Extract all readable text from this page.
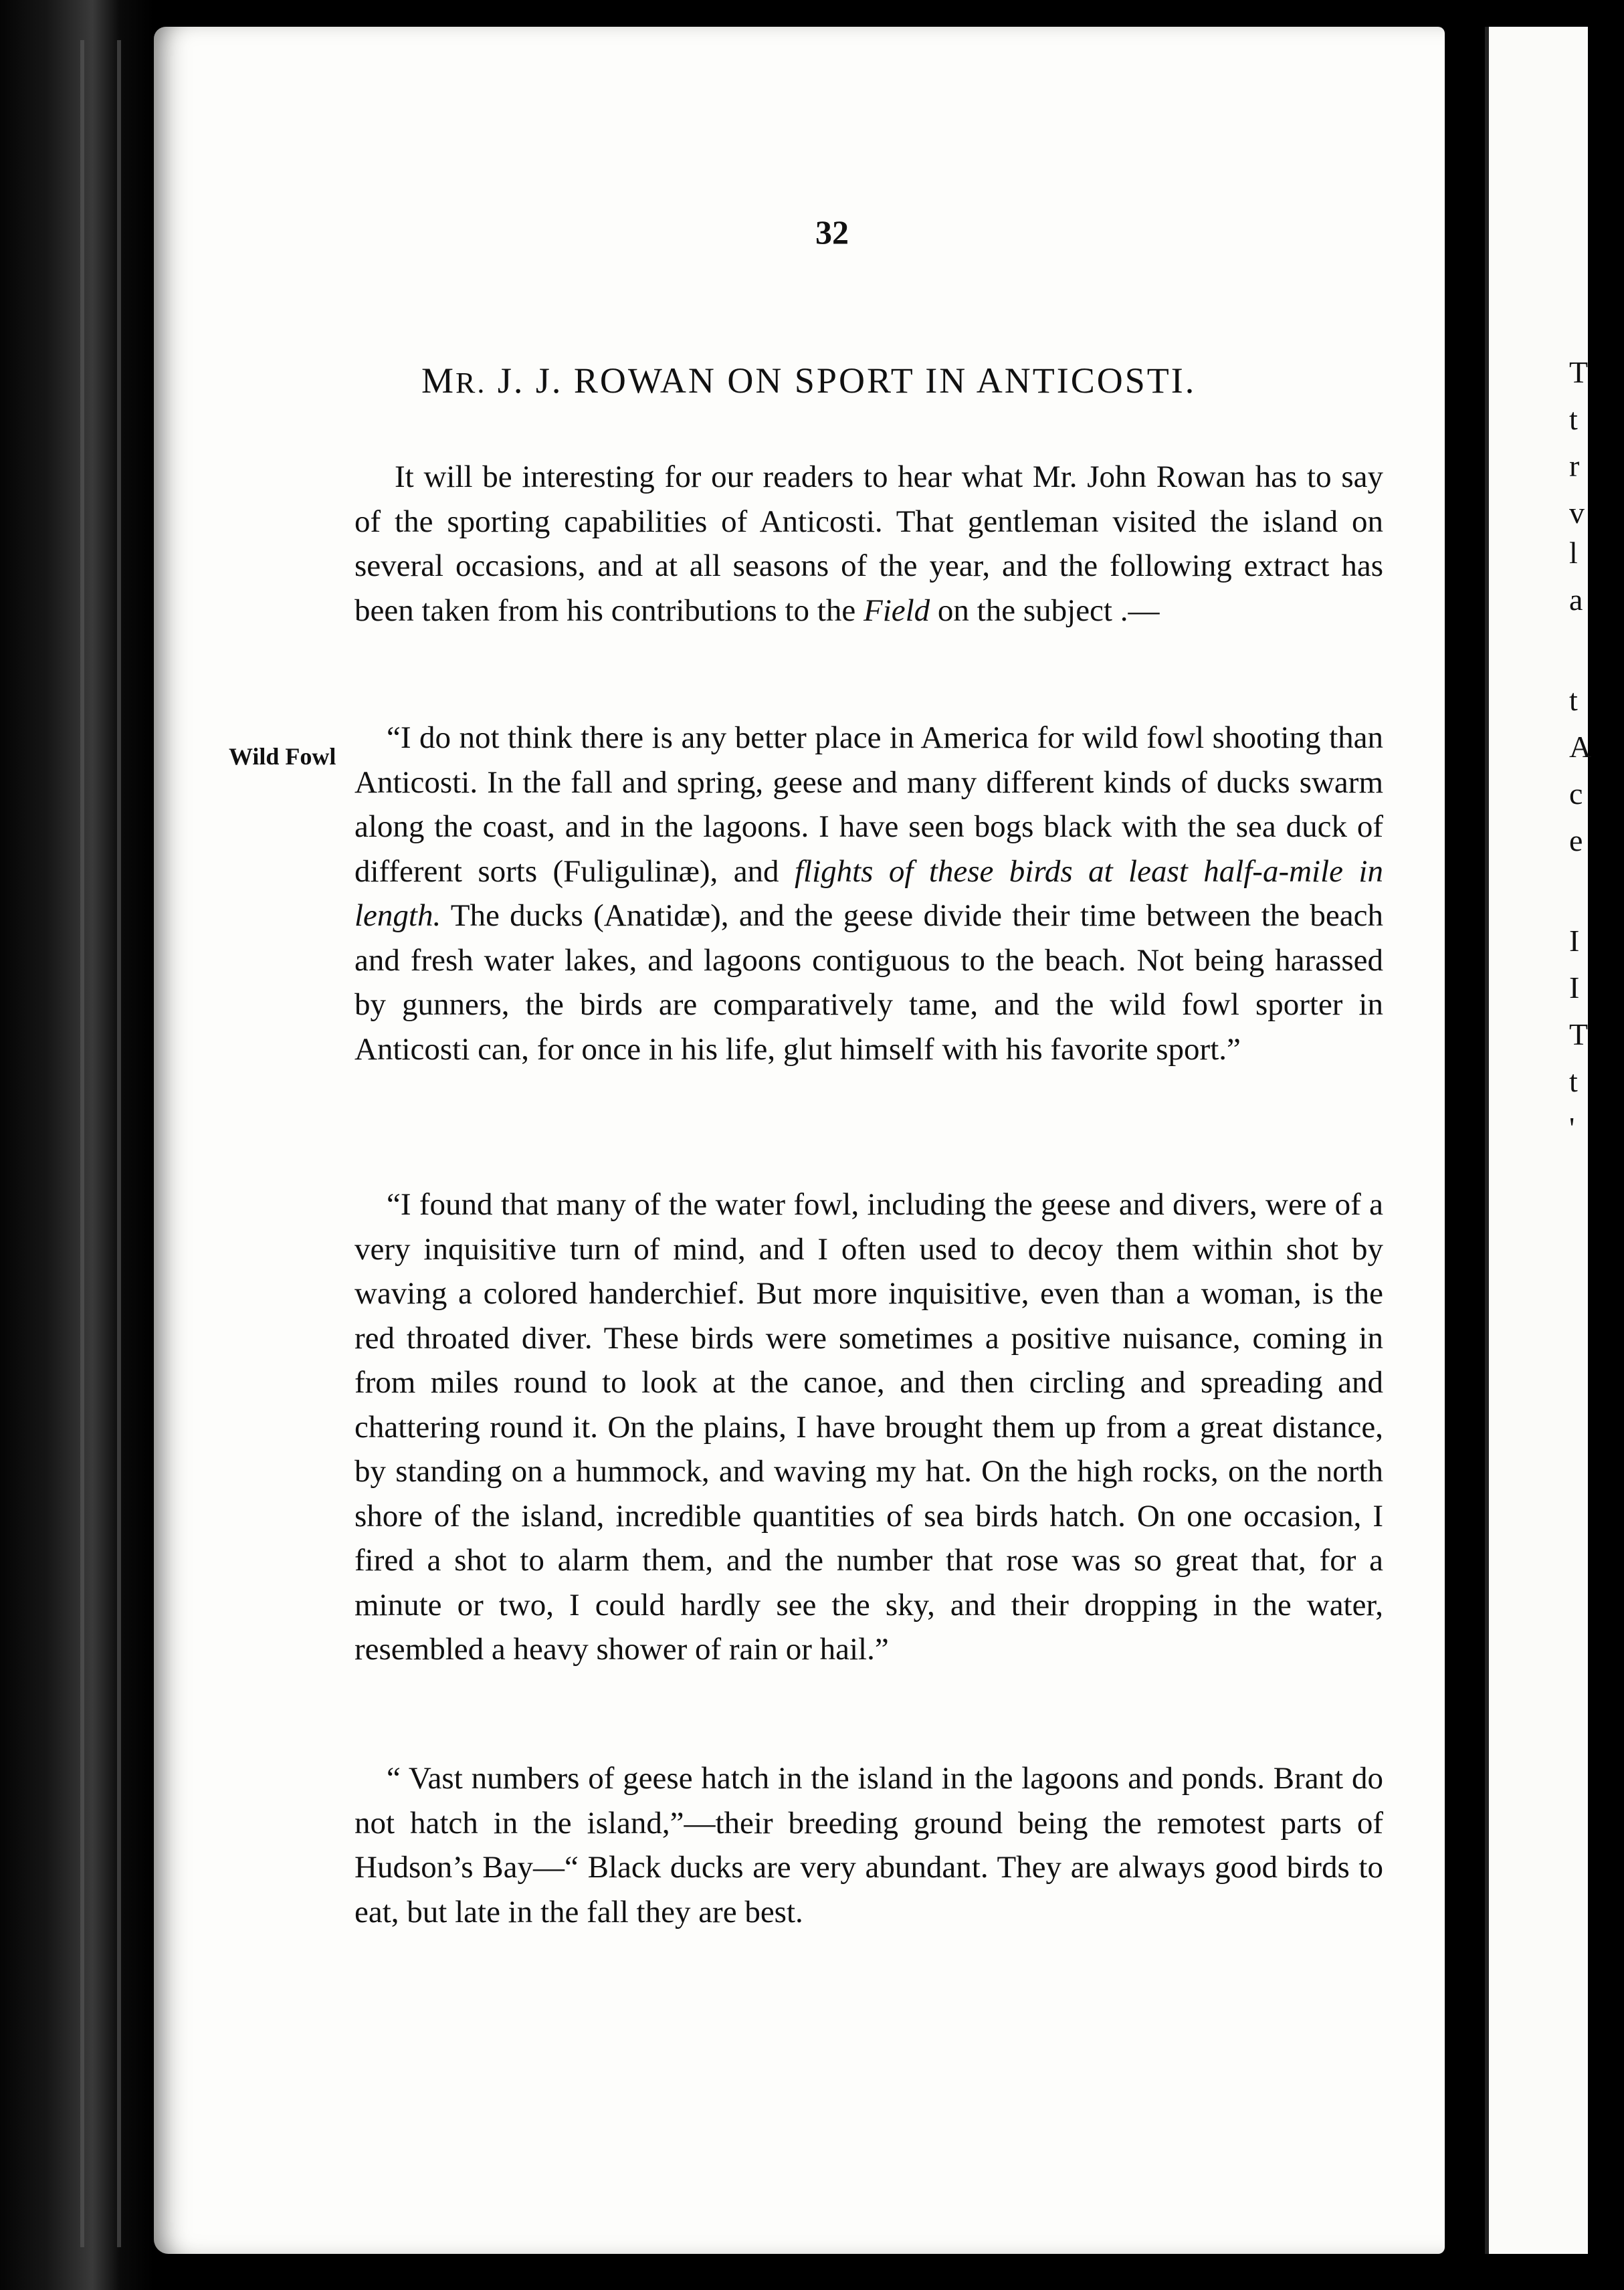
T
t
r
v
l
a
t
A
c
e
I
I
T
t
'
32
MR. J. J. ROWAN ON SPORT IN ANTICOSTI.
Wild Fowl

It will be interesting for our readers to hear what Mr. John Rowan has to say of the sporting capabilities of Anticosti. That gentleman visited the island on several occasions, and at all seasons of the year, and the following extract has been taken from his contributions to the Field on the subject .—

“I do not think there is any better place in America for wild fowl shooting than Anticosti. In the fall and spring, geese and many different kinds of ducks swarm along the coast, and in the lagoons. I have seen bogs black with the sea duck of different sorts (Fuligulinæ), and flights of these birds at least half-a-mile in length. The ducks (Anatidæ), and the geese divide their time between the beach and fresh water lakes, and lagoons contiguous to the beach. Not being harassed by gunners, the birds are comparatively tame, and the wild fowl sporter in Anticosti can, for once in his life, glut himself with his favorite sport.”

“I found that many of the water fowl, including the geese and divers, were of a very inquisitive turn of mind, and I often used to decoy them within shot by waving a colored handerchief. But more inquisitive, even than a woman, is the red throated diver. These birds were sometimes a positive nuisance, coming in from miles round to look at the canoe, and then circling and spreading and chattering round it. On the plains, I have brought them up from a great distance, by standing on a hummock, and waving my hat. On the high rocks, on the north shore of the island, incredible quantities of sea birds hatch. On one occasion, I fired a shot to alarm them, and the number that rose was so great that, for a minute or two, I could hardly see the sky, and their dropping in the water, resembled a heavy shower of rain or hail.”

“ Vast numbers of geese hatch in the island in the lagoons and ponds. Brant do not hatch in the island,”—their breeding ground being the remotest parts of Hudson’s Bay—“ Black ducks are very abundant. They are always good birds to eat, but late in the fall they are best.
